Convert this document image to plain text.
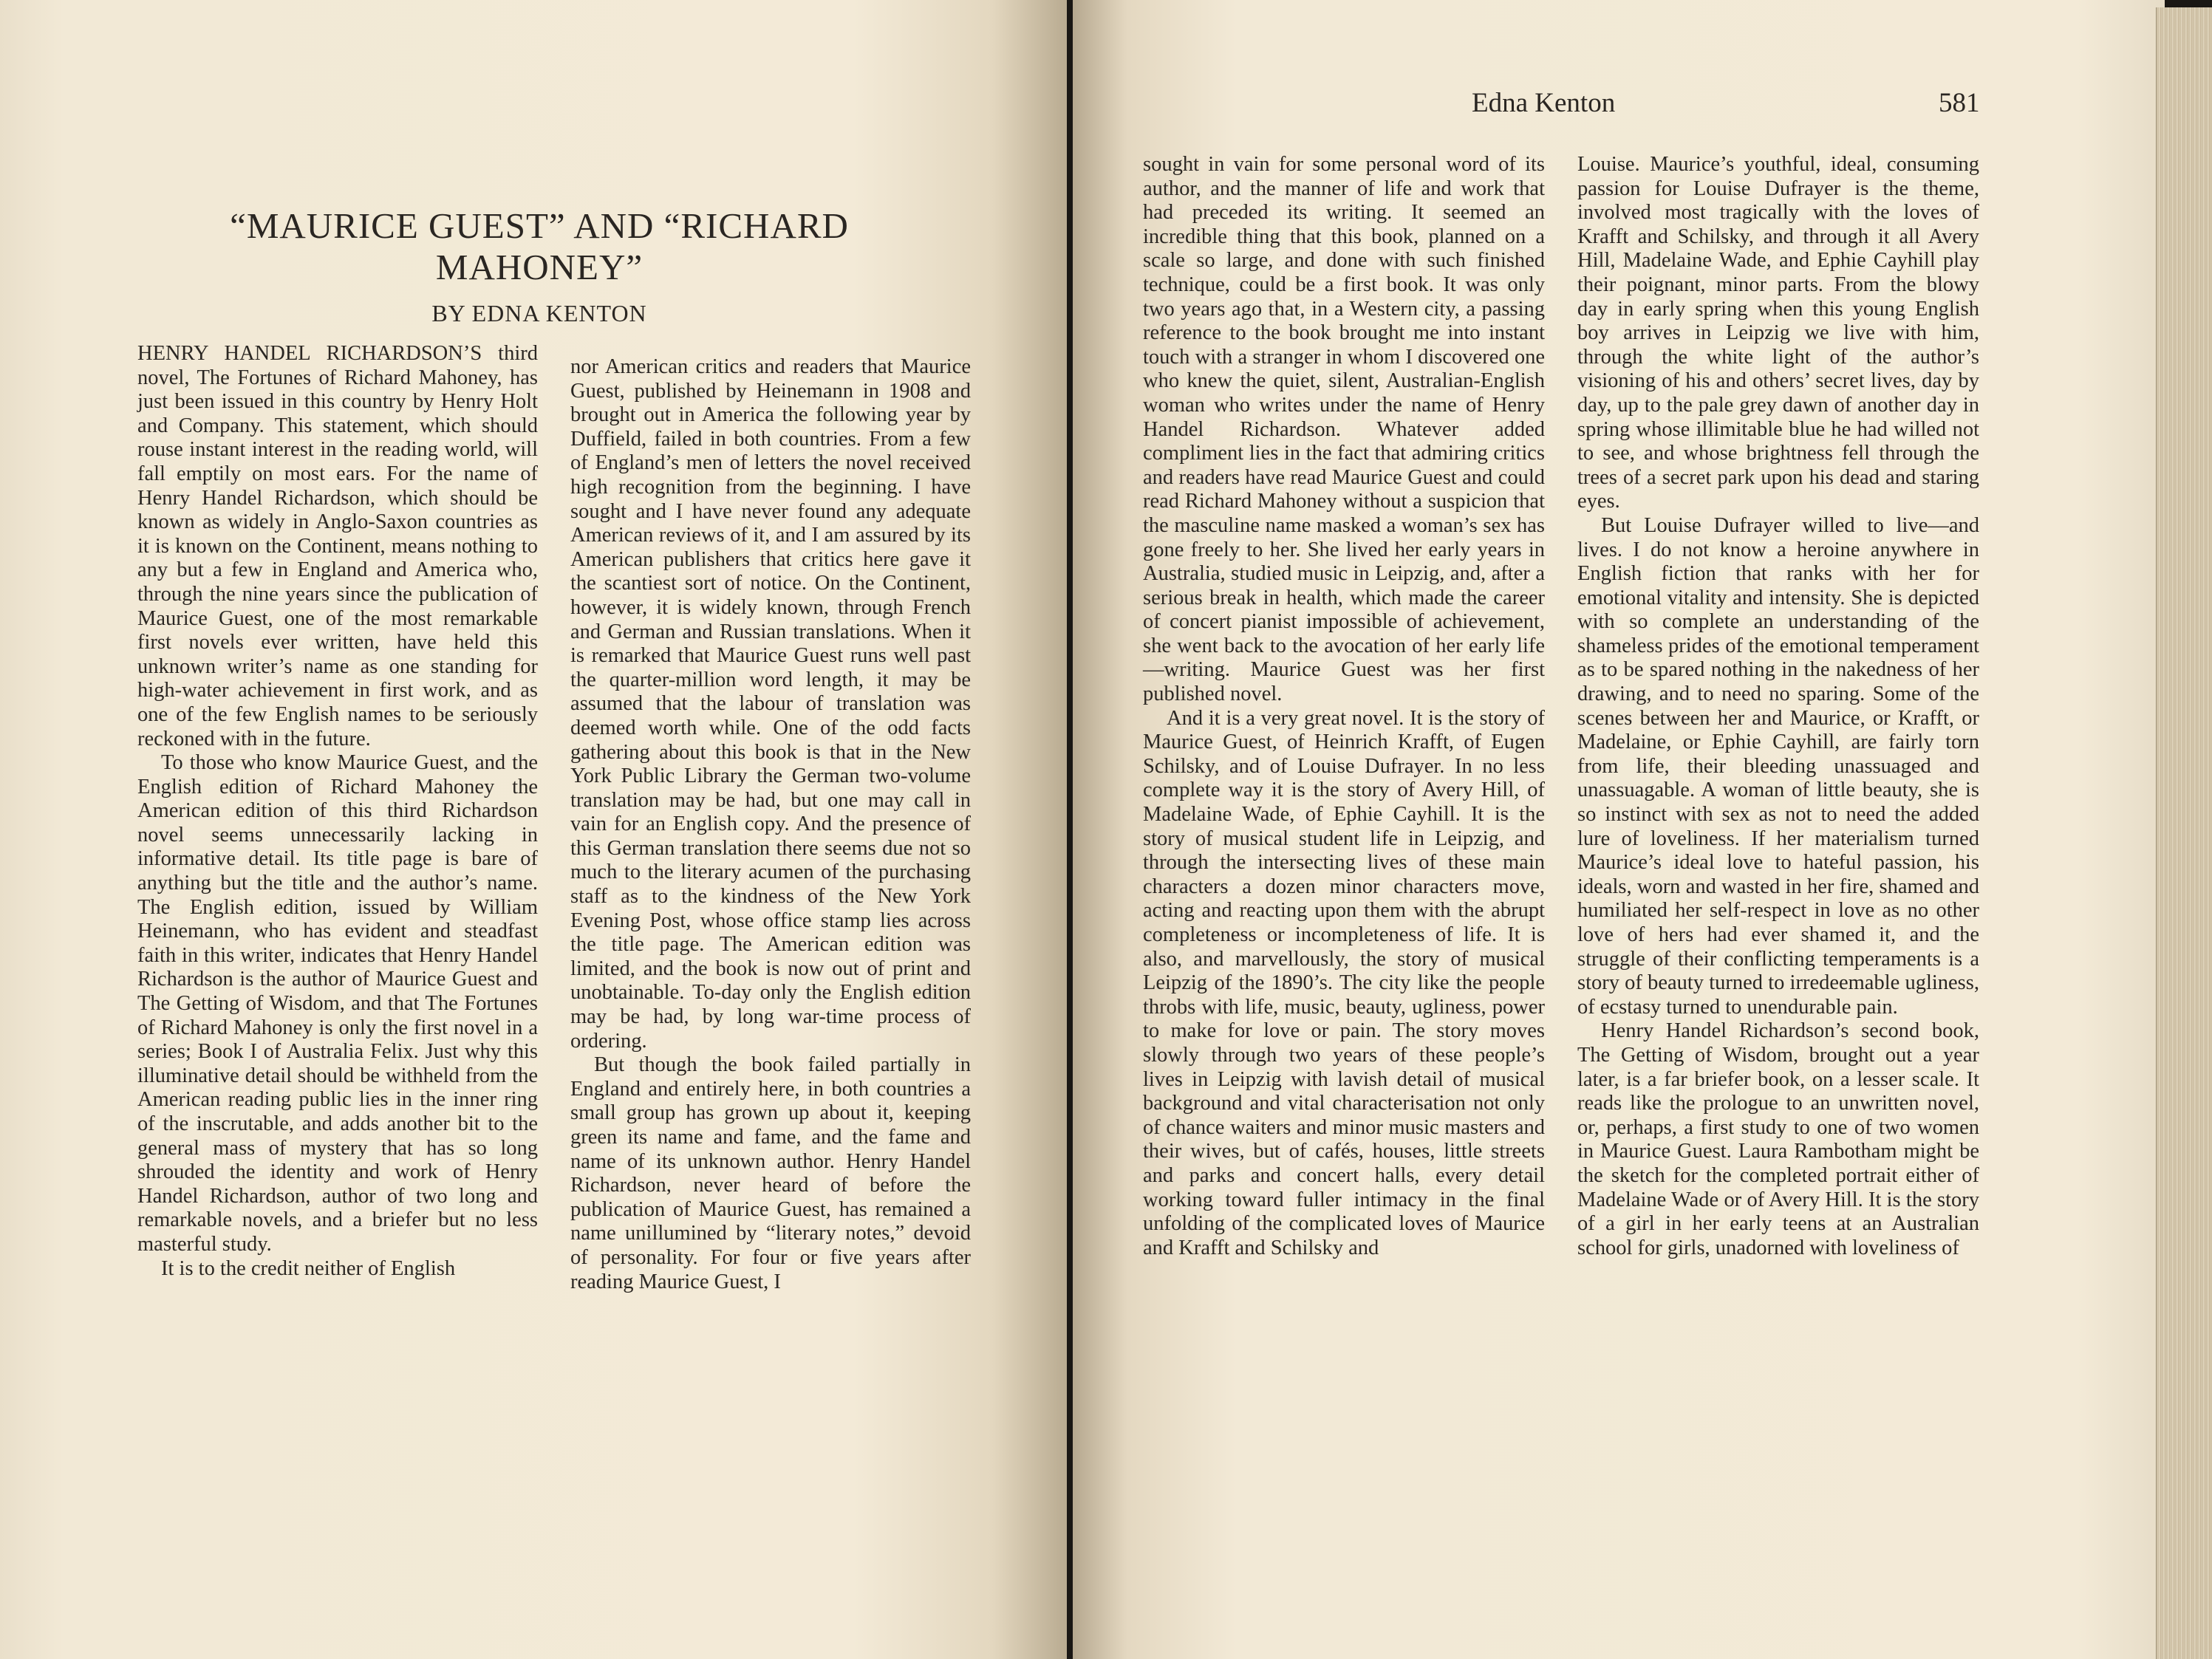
“MAURICE GUEST” AND “RICHARD MAHONEY”
BY EDNA KENTON

HENRY HANDEL RICHARDSON’S third novel, The Fortunes of Richard Mahoney, has just been issued in this country by Henry Holt and Company. This statement, which should rouse instant interest in the reading world, will fall emptily on most ears. For the name of Henry Handel Richardson, which should be known as widely in Anglo-Saxon countries as it is known on the Continent, means nothing to any but a few in England and America who, through the nine years since the publication of Maurice Guest, one of the most remarkable first novels ever written, have held this unknown writer’s name as one standing for high-water achievement in first work, and as one of the few English names to be seriously reckoned with in the future.

To those who know Maurice Guest, and the English edition of Richard Mahoney the American edition of this third Richardson novel seems unnecessarily lacking in informative detail. Its title page is bare of anything but the title and the author’s name. The English edition, issued by William Heinemann, who has evident and steadfast faith in this writer, indicates that Henry Handel Richardson is the author of Maurice Guest and The Getting of Wisdom, and that The Fortunes of Richard Mahoney is only the first novel in a series; Book I of Australia Felix. Just why this illuminative detail should be withheld from the American reading public lies in the inner ring of the inscrutable, and adds another bit to the general mass of mystery that has so long shrouded the identity and work of Henry Handel Richardson, author of two long and remarkable novels, and a briefer but no less masterful study.

It is to the credit neither of English

nor American critics and readers that Maurice Guest, published by Heinemann in 1908 and brought out in America the following year by Duffield, failed in both countries. From a few of England’s men of letters the novel received high recognition from the beginning. I have sought and I have never found any adequate American reviews of it, and I am assured by its American publishers that critics here gave it the scantiest sort of notice. On the Continent, however, it is widely known, through French and German and Russian translations. When it is remarked that Maurice Guest runs well past the quarter-million word length, it may be assumed that the labour of translation was deemed worth while. One of the odd facts gathering about this book is that in the New York Public Library the German two-volume translation may be had, but one may call in vain for an English copy. And the presence of this German translation there seems due not so much to the literary acumen of the purchasing staff as to the kindness of the New York Evening Post, whose office stamp lies across the title page. The American edition was limited, and the book is now out of print and unobtainable. To-day only the English edition may be had, by long war-time process of ordering.

But though the book failed partially in England and entirely here, in both countries a small group has grown up about it, keeping green its name and fame, and the fame and name of its unknown author. Henry Handel Richardson, never heard of before the publication of Maurice Guest, has remained a name unillumined by “literary notes,” devoid of personality. For four or five years after reading Maurice Guest, I

Edna Kenton	581

sought in vain for some personal word of its author, and the manner of life and work that had preceded its writing. It seemed an incredible thing that this book, planned on a scale so large, and done with such finished technique, could be a first book. It was only two years ago that, in a Western city, a passing reference to the book brought me into instant touch with a stranger in whom I discovered one who knew the quiet, silent, Australian-English woman who writes under the name of Henry Handel Richardson. Whatever added compliment lies in the fact that admiring critics and readers have read Maurice Guest and could read Richard Mahoney without a suspicion that the masculine name masked a woman’s sex has gone freely to her. She lived her early years in Australia, studied music in Leipzig, and, after a serious break in health, which made the career of concert pianist impossible of achievement, she went back to the avocation of her early life—writing. Maurice Guest was her first published novel.

And it is a very great novel. It is the story of Maurice Guest, of Heinrich Krafft, of Eugen Schilsky, and of Louise Dufrayer. In no less complete way it is the story of Avery Hill, of Madelaine Wade, of Ephie Cayhill. It is the story of musical student life in Leipzig, and through the intersecting lives of these main characters a dozen minor characters move, acting and reacting upon them with the abrupt completeness or incompleteness of life. It is also, and marvellously, the story of musical Leipzig of the 1890’s. The city like the people throbs with life, music, beauty, ugliness, power to make for love or pain. The story moves slowly through two years of these people’s lives in Leipzig with lavish detail of musical background and vital characterisation not only of chance waiters and minor music masters and their wives, but of cafés, houses, little streets and parks and concert halls, every detail working toward fuller intimacy in the final unfolding of the complicated loves of Maurice and Krafft and Schilsky and

Louise. Maurice’s youthful, ideal, consuming passion for Louise Dufrayer is the theme, involved most tragically with the loves of Krafft and Schilsky, and through it all Avery Hill, Madelaine Wade, and Ephie Cayhill play their poignant, minor parts. From the blowy day in early spring when this young English boy arrives in Leipzig we live with him, through the white light of the author’s visioning of his and others’ secret lives, day by day, up to the pale grey dawn of another day in spring whose illimitable blue he had willed not to see, and whose brightness fell through the trees of a secret park upon his dead and staring eyes.

But Louise Dufrayer willed to live—and lives. I do not know a heroine anywhere in English fiction that ranks with her for emotional vitality and intensity. She is depicted with so complete an understanding of the shameless prides of the emotional temperament as to be spared nothing in the nakedness of her drawing, and to need no sparing. Some of the scenes between her and Maurice, or Krafft, or Madelaine, or Ephie Cayhill, are fairly torn from life, their bleeding unassuaged and unassuagable. A woman of little beauty, she is so instinct with sex as not to need the added lure of loveliness. If her materialism turned Maurice’s ideal love to hateful passion, his ideals, worn and wasted in her fire, shamed and humiliated her self-respect in love as no other love of hers had ever shamed it, and the struggle of their conflicting temperaments is a story of beauty turned to irredeemable ugliness, of ecstasy turned to unendurable pain.

Henry Handel Richardson’s second book, The Getting of Wisdom, brought out a year later, is a far briefer book, on a lesser scale. It reads like the prologue to an unwritten novel, or, perhaps, a first study to one of two women in Maurice Guest. Laura Rambotham might be the sketch for the completed portrait either of Madelaine Wade or of Avery Hill. It is the story of a girl in her early teens at an Australian school for girls, unadorned with loveliness of
